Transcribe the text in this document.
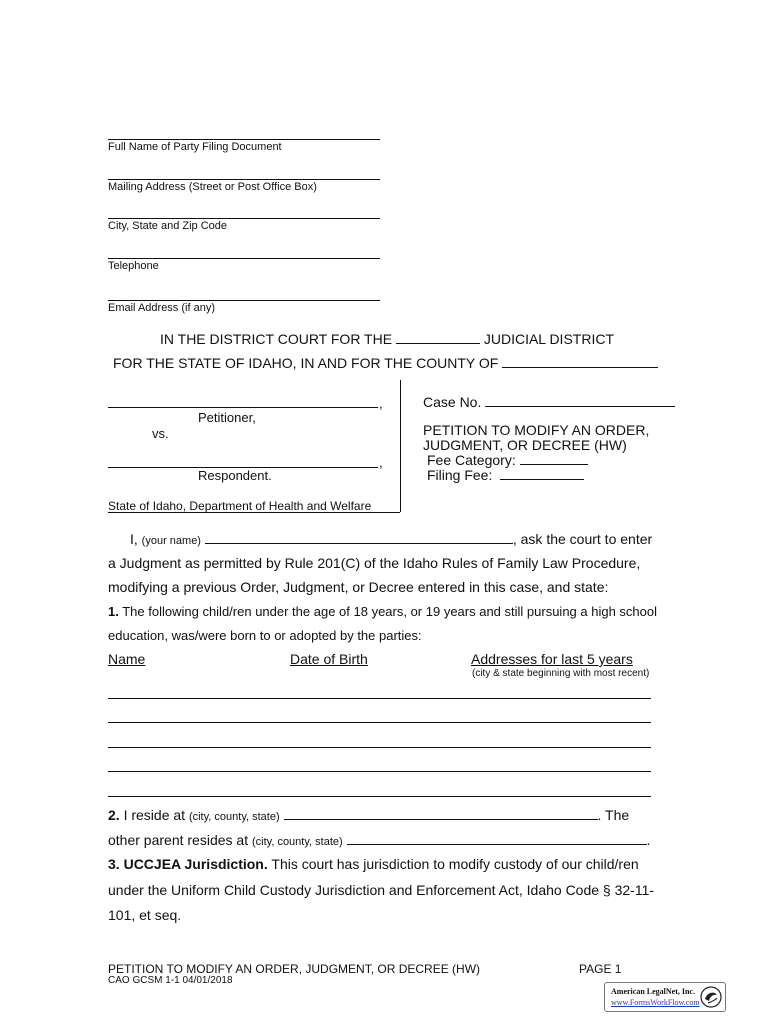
Full Name of Party Filing Document
Mailing Address (Street or Post Office Box)
City, State and Zip Code
Telephone
Email Address (if any)
IN THE DISTRICT COURT FOR THE	JUDICIAL DISTRICT
FOR THE STATE OF IDAHO, IN AND FOR THE COUNTY OF
,
Petitioner,
vs.
,
Respondent.
State of Idaho, Department of Health and Welfare
Case No.
PETITION TO MODIFY AN ORDER,
JUDGMENT, OR DECREE (HW)
Fee Category:
Filing Fee:
I, (your name)	, ask the court to enter
a Judgment as permitted by Rule 201(C) of the Idaho Rules of Family Law Procedure,
modifying a previous Order, Judgment, or Decree entered in this case, and state:
1. The following child/ren under the age of 18 years, or 19 years and still pursuing a high school
education, was/were born to or adopted by the parties:
Name	Date of Birth	Addresses for last 5 years
(city & state beginning with most recent)
2. I reside at (city, county, state)	. The
other parent resides at (city, county, state)	.
3. UCCJEA Jurisdiction. This court has jurisdiction to modify custody of our child/ren
under the Uniform Child Custody Jurisdiction and Enforcement Act, Idaho Code § 32-11-
101, et seq.
PETITION TO MODIFY AN ORDER, JUDGMENT, OR DECREE (HW)
CAO GCSM 1-1 04/01/2018
PAGE 1
American LegalNet, Inc.
www.FormsWorkFlow.com
